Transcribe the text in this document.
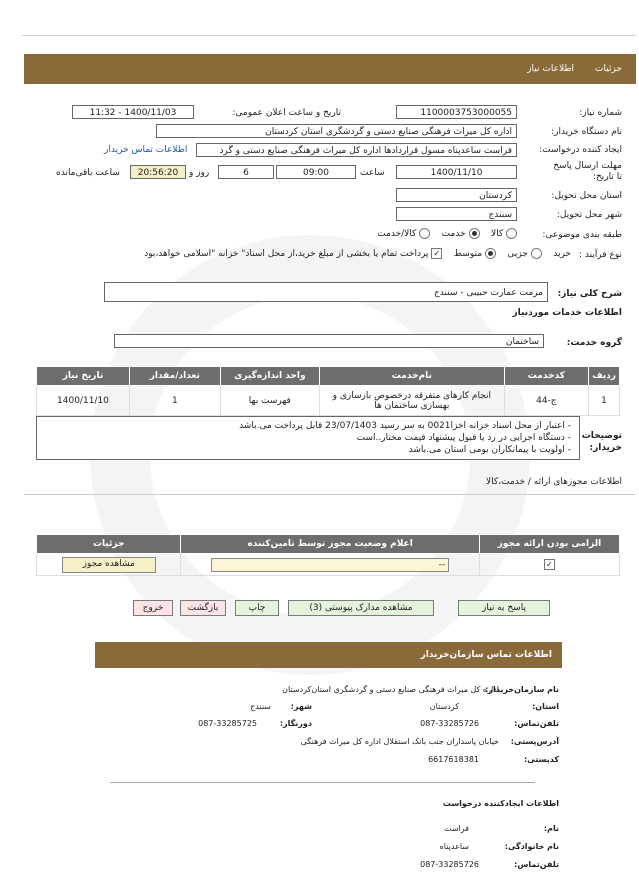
جزئیات
اطلاعات نیاز
شماره نیاز:
1100003753000055
تاریخ و ساعت اعلان عمومی:
1400/11/03 - 11:32
نام دستگاه خریدار:
اداره کل میراث فرهنگی صنایع دستی و گردشگری استان کردستان
ایجاد کننده درخواست:
فراست ساعدپناه مسول قراردادها اداره کل میراث فرهنگی صنایع دستی و گرد
اطلاعات تماس خریدار
مهلت ارسال پاسخ تا تاریخ:
1400/11/10
ساعت
09:00
6
روز و
20:56:20
ساعت باقی‌مانده
استان محل تحویل:
کردستان
شهر محل تحویل:
سنندج
طبقه بندی موضوعی:
کالا     خدمت     کالا/خدمت
نوع فرآیند :
خرید     جزیی     متوسط    ✓ پرداخت تمام یا بخشی از مبلغ خرید،از محل اسناد" خزانه "اسلامی خواهد،بود
شرح کلی نیاز:
مرمت عمارت حبیبی - سنندج
اطلاعات خدمات مورد‌نیاز
گروه خدمت:
ساختمان
ردیف	کدخدمت	نام‌خدمت	واحد اندازه‌گیری	تعداد/مقدار	تاریخ نیاز
1	ج-44	انجام کارهای متفرقه درخصوص بازسازی و بهسازی ساختمان ها	فهرست بها	1	1400/11/10
توضیحات خریدار:
- اعتبار از محل اسناد خزانه اخزا0021 به سر رسید 23/07/1403 قابل پرداخت می.باشد
- دستگاه اجرایی در رد یا قبول پیشنهاد قیمت مختار..است
- اولویت با پیمانکاران بومی استان می.باشد
اطلاعات مجوزهای ارائه / خدمت،کالا
الزامی بودن ارائه مجوز	اعلام وضعیت مجوز توسط تامین‌کننده	جزئیات
✓	--	مشاهده مجوز
پاسخ به نیاز
مشاهده مدارک پیوستی (3)
چاپ
بازگشت
خروج
اطلاعات تماس سازمان‌خریدار
نام سازمان‌خریدار:
اداره کل میراث فرهنگی صنایع دستی و گردشگری استان‌کردستان
استان:
کردستان
شهر:
سنندج
تلفن‌تماس:
087-33285726
دورنگار:
087-33285725
آدرس‌پستی:
خیابان پاسداران جنب بانک استقلال اداره کل میراث فرهنگی
کدپستی:
6617618381
اطلاعات ایجادکننده درخواست
نام:
فراست
نام خانوادگی:
ساعدپناه
تلفن‌تماس:
087-33285726
